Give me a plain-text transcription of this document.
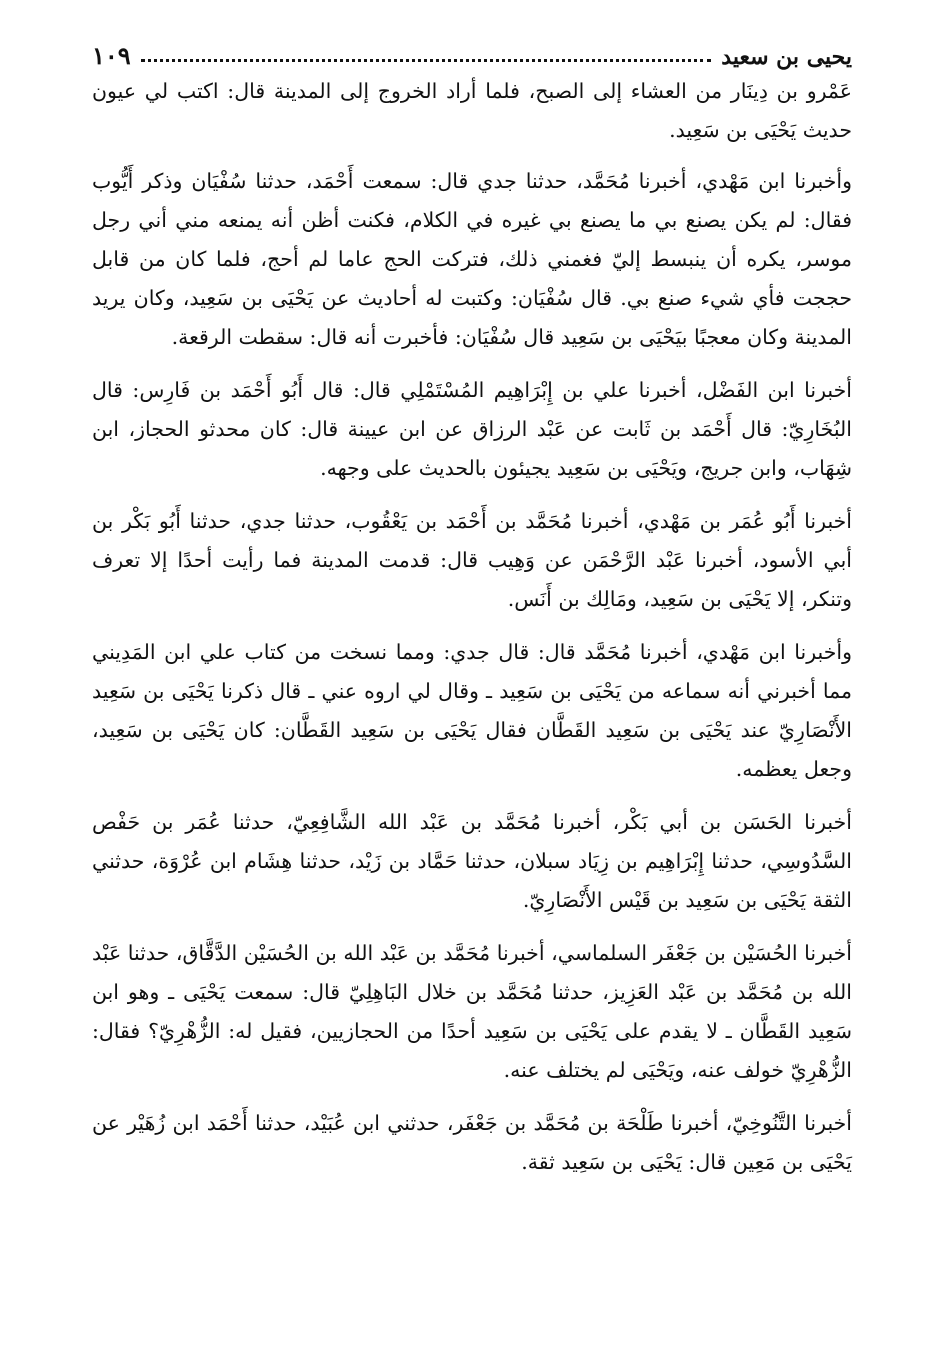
يحيى بن سعيد
١٠٩

عَمْرو بن دِينَار من العشاء إلى الصبح، فلما أراد الخروج إلى المدينة قال: اكتب لي عيون حديث يَحْيَى بن سَعِيد.

وأخبرنا ابن مَهْدي، أخبرنا مُحَمَّد، حدثنا جدي قال: سمعت أَحْمَد، حدثنا سُفْيَان وذكر أَيُّوب فقال: لم يكن يصنع بي ما يصنع بي غيره في الكلام، فكنت أظن أنه يمنعه مني أني رجل موسر، يكره أن ينبسط إليّ فغمني ذلك، فتركت الحج عاما لم أحج، فلما كان من قابل حججت فأي شيء صنع بي. قال سُفْيَان: وكتبت له أحاديث عن يَحْيَى بن سَعِيد، وكان يريد المدينة وكان معجبًا بيَحْيَى بن سَعِيد قال سُفْيَان: فأخبرت أنه قال: سقطت الرقعة.

أخبرنا ابن الفَضْل، أخبرنا علي بن إِبْرَاهِيم المُسْتَمْلِي قال: قال أَبُو أَحْمَد بن فَارِس: قال البُخَارِيّ: قال أَحْمَد بن ثَابت عن عَبْد الرزاق عن ابن عيينة قال: كان محدثو الحجاز، ابن شِهَاب، وابن جريج، ويَحْيَى بن سَعِيد يجيئون بالحديث على وجهه.

أخبرنا أَبُو عُمَر بن مَهْدي، أخبرنا مُحَمَّد بن أَحْمَد بن يَعْقُوب، حدثنا جدي، حدثنا أَبُو بَكْر بن أبي الأسود، أخبرنا عَبْد الرَّحْمَن عن وَهِيب قال: قدمت المدينة فما رأيت أحدًا إلا تعرف وتنكر، إلا يَحْيَى بن سَعِيد، ومَالِك بن أَنَس.

وأخبرنا ابن مَهْدي، أخبرنا مُحَمَّد قال: قال جدي: ومما نسخت من كتاب علي ابن المَدِيني مما أخبرني أنه سماعه من يَحْيَى بن سَعِيد ـ وقال لي اروه عني ـ قال ذكرنا يَحْيَى بن سَعِيد الأَنْصَارِيّ عند يَحْيَى بن سَعِيد القَطَّان فقال يَحْيَى بن سَعِيد القَطَّان: كان يَحْيَى بن سَعِيد، وجعل يعظمه.

أخبرنا الحَسَن بن أبي بَكْر، أخبرنا مُحَمَّد بن عَبْد الله الشَّافِعِيّ، حدثنا عُمَر بن حَفْص السَّدُوسِي، حدثنا إِبْرَاهِيم بن زِيَاد سبلان، حدثنا حَمَّاد بن زَيْد، حدثنا هِشَام ابن عُرْوَة، حدثني الثقة يَحْيَى بن سَعِيد بن قَيْس الأَنْصَارِيّ.

أخبرنا الحُسَيْن بن جَعْفَر السلماسي، أخبرنا مُحَمَّد بن عَبْد الله بن الحُسَيْن الدَّقَّاق، حدثنا عَبْد الله بن مُحَمَّد بن عَبْد العَزِيز، حدثنا مُحَمَّد بن خلال البَاهِلِيّ قال: سمعت يَحْيَى ـ وهو ابن سَعِيد القَطَّان ـ لا يقدم على يَحْيَى بن سَعِيد أحدًا من الحجازيين، فقيل له: الزُّهْرِيّ؟ فقال: الزُّهْرِيّ خولف عنه، ويَحْيَى لم يختلف عنه.

أخبرنا التَّنُوخِيّ، أخبرنا طَلْحَة بن مُحَمَّد بن جَعْفَر، حدثني ابن عُبَيْد، حدثنا أَحْمَد ابن زُهَيْر عن يَحْيَى بن مَعِين قال: يَحْيَى بن سَعِيد ثقة.
